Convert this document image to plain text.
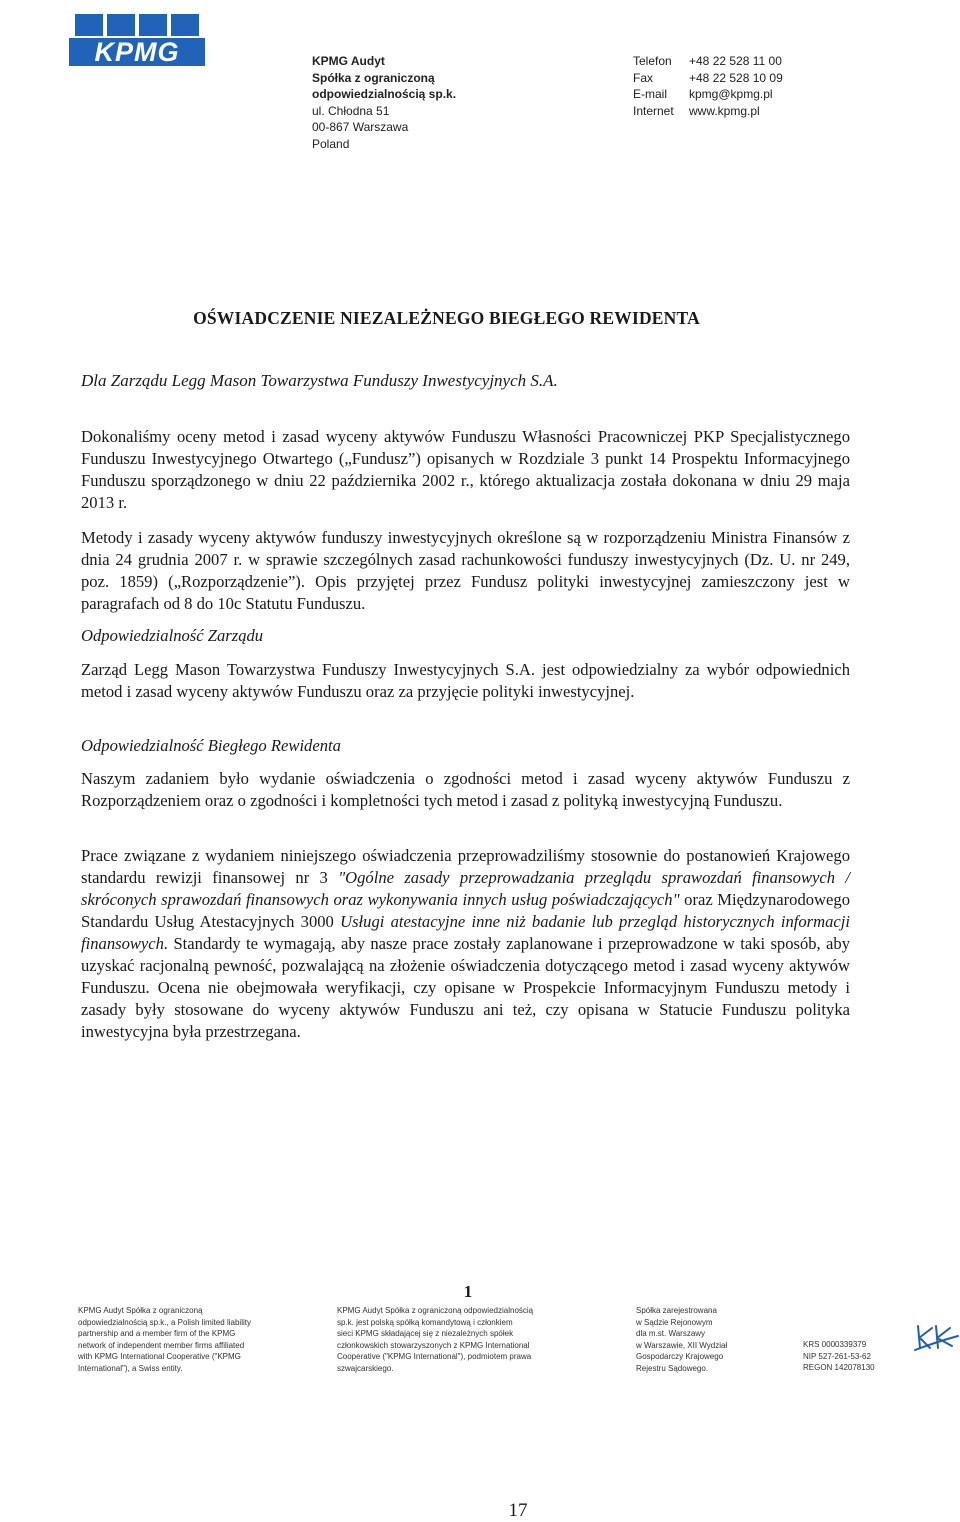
KPMG	KPMG Audyt
Spółka z ograniczoną
odpowiedzialnością sp.k.
ul. Chłodna 51
00-867 Warszawa
Poland
Telefon	+48 22 528 11 00
Fax	+48 22 528 10 09
E-mail	kpmg@kpmg.pl
Internet	www.kpmg.pl
OŚWIADCZENIE NIEZALEŻNEGO BIEGŁEGO REWIDENTA
Dla Zarządu Legg Mason Towarzystwa Funduszy Inwestycyjnych S.A.
Dokonaliśmy oceny metod i zasad wyceny aktywów Funduszu Własności Pracowniczej PKP Specjalistycznego Funduszu Inwestycyjnego Otwartego („Fundusz”) opisanych w Rozdziale 3 punkt 14 Prospektu Informacyjnego Funduszu sporządzonego w dniu 22 października 2002 r., którego aktualizacja została dokonana w dniu 29 maja 2013 r.
Metody i zasady wyceny aktywów funduszy inwestycyjnych określone są w rozporządzeniu Ministra Finansów z dnia 24 grudnia 2007 r. w sprawie szczególnych zasad rachunkowości funduszy inwestycyjnych (Dz. U. nr 249, poz. 1859) („Rozporządzenie”). Opis przyjętej przez Fundusz polityki inwestycyjnej zamieszczony jest w paragrafach od 8 do 10c Statutu Funduszu.
Odpowiedzialność Zarządu
Zarząd Legg Mason Towarzystwa Funduszy Inwestycyjnych S.A. jest odpowiedzialny za wybór odpowiednich metod i zasad wyceny aktywów Funduszu oraz za przyjęcie polityki inwestycyjnej.
Odpowiedzialność Biegłego Rewidenta
Naszym zadaniem było wydanie oświadczenia o zgodności metod i zasad wyceny aktywów Funduszu z Rozporządzeniem oraz o zgodności i kompletności tych metod i zasad z polityką inwestycyjną Funduszu.
Prace związane z wydaniem niniejszego oświadczenia przeprowadziliśmy stosownie do postanowień Krajowego standardu rewizji finansowej nr 3 "Ogólne zasady przeprowadzania przeglądu sprawozdań finansowych / skróconych sprawozdań finansowych oraz wykonywania innych usług poświadczających" oraz Międzynarodowego Standardu Usług Atestacyjnych 3000 Usługi atestacyjne inne niż badanie lub przegląd historycznych informacji finansowych. Standardy te wymagają, aby nasze prace zostały zaplanowane i przeprowadzone w taki sposób, aby uzyskać racjonalną pewność, pozwalającą na złożenie oświadczenia dotyczącego metod i zasad wyceny aktywów Funduszu. Ocena nie obejmowała weryfikacji, czy opisane w Prospekcie Informacyjnym Funduszu metody i zasady były stosowane do wyceny aktywów Funduszu ani też, czy opisana w Statucie Funduszu polityka inwestycyjna była przestrzegana.
1
KPMG Audyt Spółka z ograniczoną
odpowiedzialnością sp.k., a Polish limited liability
partnership and a member firm of the KPMG
network of independent member firms affiliated
with KPMG International Cooperative ("KPMG
International"), a Swiss entity.
KPMG Audyt Spółka z ograniczoną odpowiedzialnością
sp.k. jest polską spółką komandytową i członkiem
sieci KPMG składającej się z niezależnych spółek
członkowskich stowarzyszonych z KPMG International
Cooperative ("KPMG International"), podmiotem prawa
szwajcarskiego.
Spółka zarejestrowana
w Sądzie Rejonowym
dla m.st. Warszawy
w Warszawie, XII Wydział
Gospodarczy Krajowego
Rejestru Sądowego.
KRS 0000339379
NIP 527-261-53-62
REGON 142078130
17
